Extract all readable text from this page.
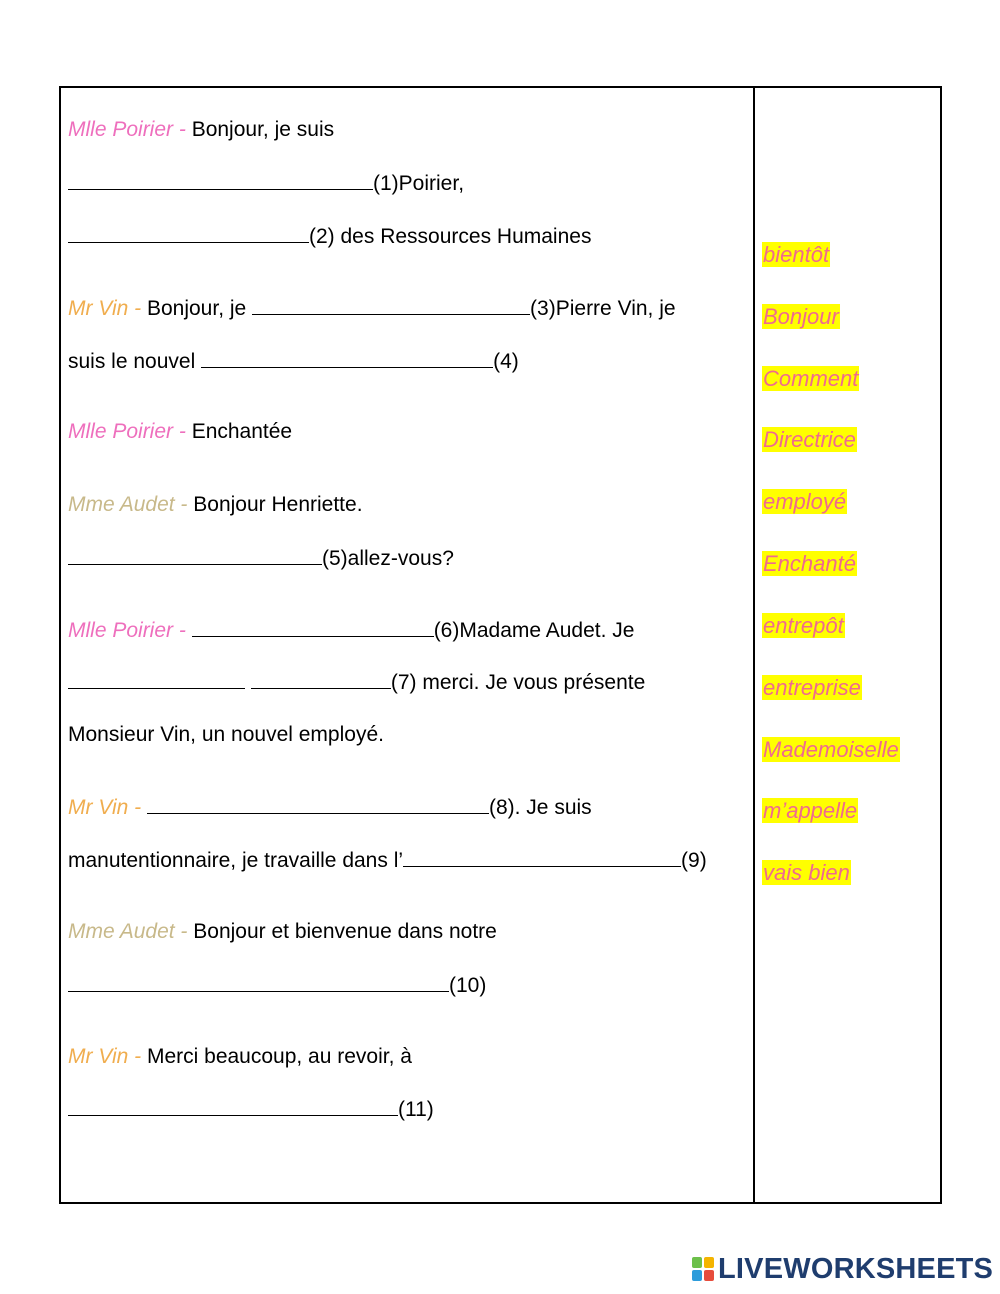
Mlle Poirier - Bonjour, je suis
(1)Poirier,
(2) des Ressources Humaines
Mr Vin - Bonjour, je	(3)Pierre Vin, je
suis le nouvel	(4)
Mlle Poirier - Enchantée
Mme Audet - Bonjour Henriette.
(5)allez-vous?
Mlle Poirier -	(6)Madame Audet. Je
(7) merci. Je vous présente
Monsieur Vin, un nouvel employé.
Mr Vin -	(8). Je suis
manutentionnaire, je travaille dans l’	(9)
Mme Audet - Bonjour et bienvenue dans notre
(10)
Mr Vin - Merci beaucoup, au revoir, à
(11)
bientôt
Bonjour
Comment
Directrice
employé
Enchanté
entrepôt
entreprise
Mademoiselle
m’appelle
vais bien
LIVEWORKSHEETS
